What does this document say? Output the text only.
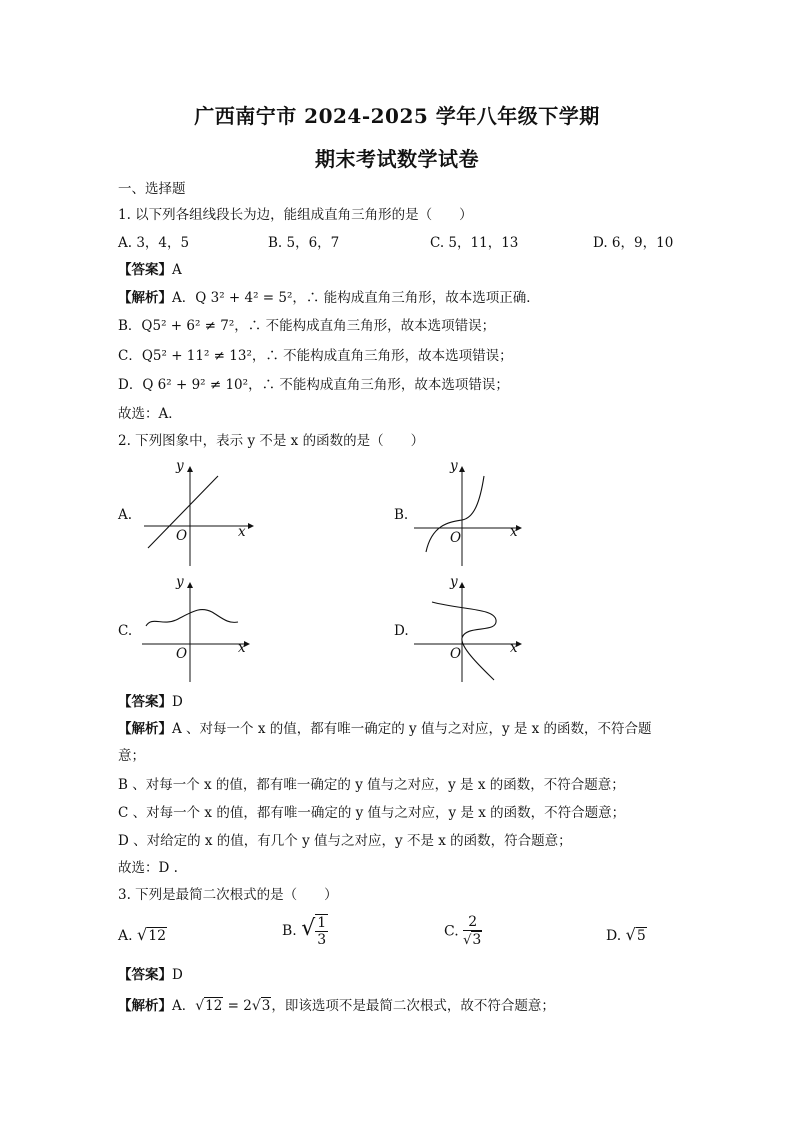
广西南宁市 2024-2025 学年八年级下学期
期末考试数学试卷
一、选择题
1. 以下列各组线段长为边，能组成直角三角形的是（　　）
A. 3，4，5	B. 5，6，7	C. 5，11，13	D. 6，9，10
【答案】A
【解析】A．Q 3² + 4² = 5²，∴ 能构成直角三角形，故本选项正确．
B．Q5² + 6² ≠ 7²，∴ 不能构成直角三角形，故本选项错误；
C．Q5² + 11² ≠ 13²，∴ 不能构成直角三角形，故本选项错误；
D．Q 6² + 9² ≠ 10²，∴ 不能构成直角三角形，故本选项错误；
故选：A．
2. 下列图象中，表示 y 不是 x 的函数的是（　　）
A.
y
x
O
B.
y
x
O
C.
y
x
O
D.
y
x
O
【答案】D
【解析】A 、对每一个 x 的值，都有唯一确定的 y 值与之对应，y 是 x 的函数，不符合题
意；
B 、对每一个 x 的值，都有唯一确定的 y 值与之对应，y 是 x 的函数，不符合题意；
C 、对每一个 x 的值，都有唯一确定的 y 值与之对应，y 是 x 的函数，不符合题意；
D 、对给定的 x 的值，有几个 y 值与之对应，y 不是 x 的函数，符合题意；
故选：D .
3. 下列是最简二次根式的是（　　）
A. √12	B. √ $\frac{1}{3}$	C. $\frac{2}{√3}$	D. √5
【答案】D
【解析】A．√12 = 2√3，即该选项不是最简二次根式，故不符合题意；
